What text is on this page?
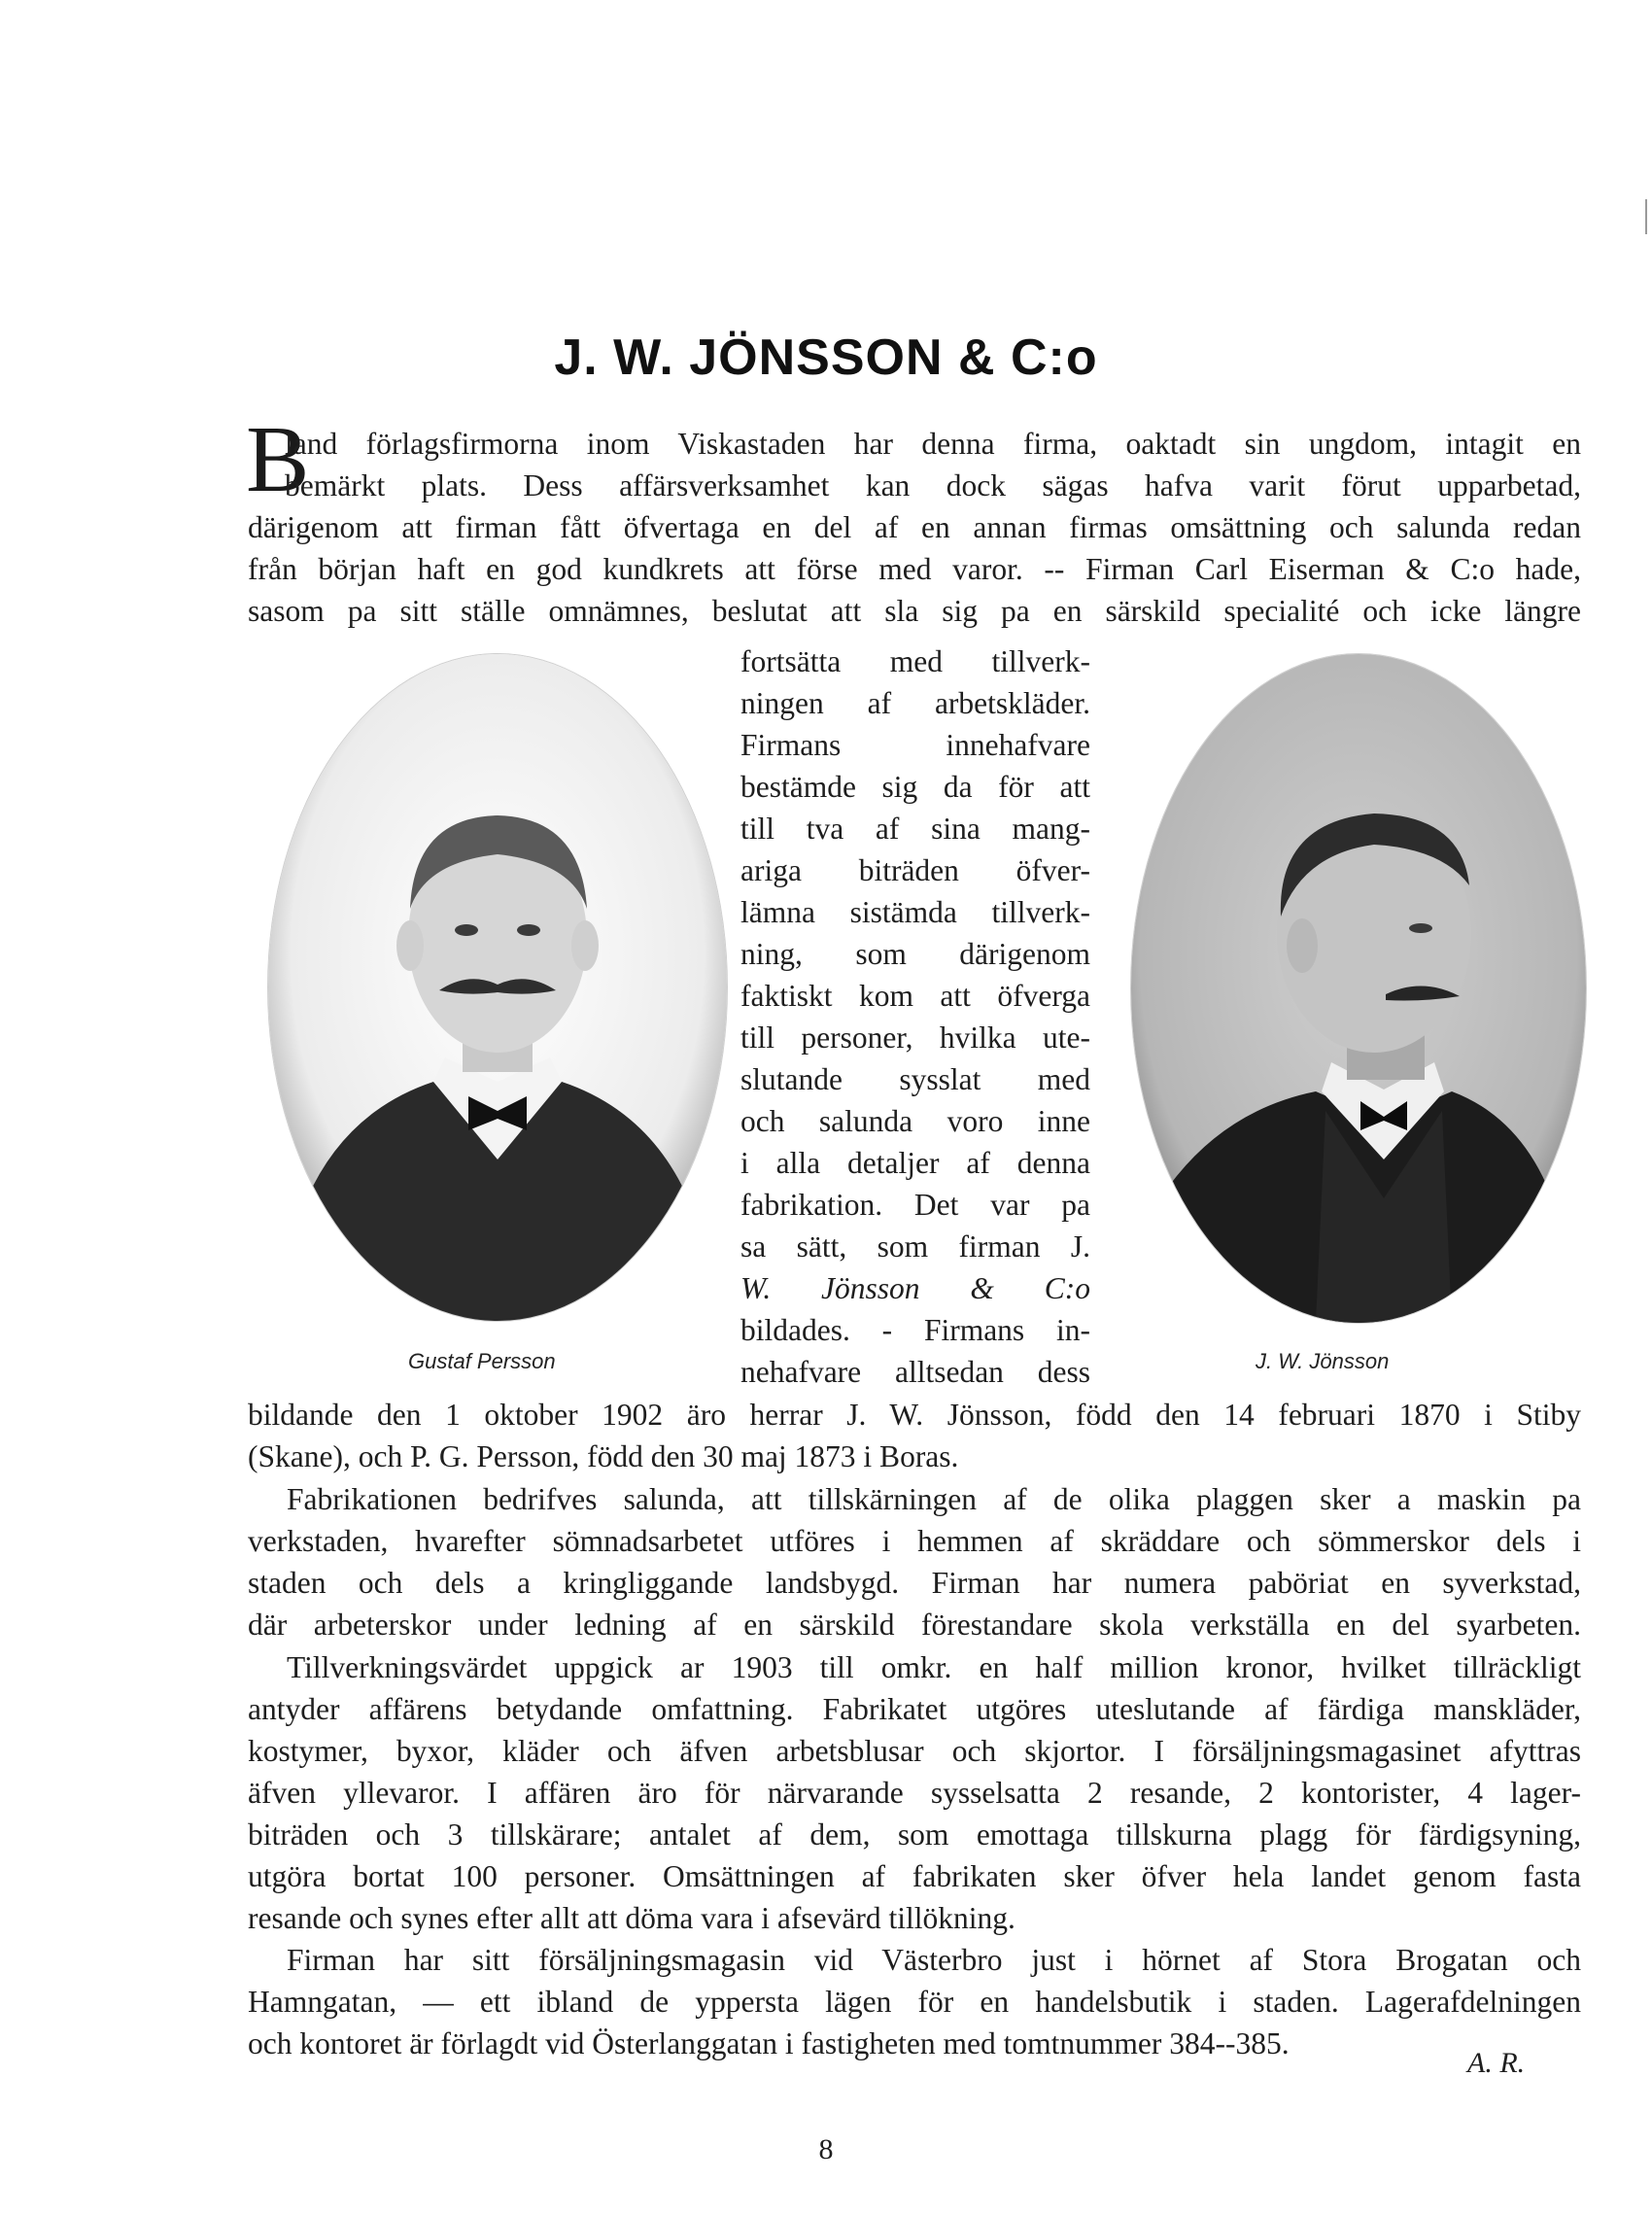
J. W. JÖNSSON & C:o
B
land förlagsfirmorna inom Viskastaden har denna firma, oaktadt sin ungdom, intagit en
bemärkt plats. Dess affärsverksamhet kan dock sägas hafva varit förut upparbetad,
därigenom att firman fått öfvertaga en del af en annan firmas omsättning och salunda redan
från början haft en god kundkrets att förse med varor. -- Firman Carl Eiserman & C:o hade,
sasom pa sitt ställe omnämnes, beslutat att sla sig pa en särskild specialité och icke längre
Gustaf Persson	J. W. Jönsson
fortsätta med tillverk-
ningen af arbetskläder.
Firmans innehafvare
bestämde sig da för att
till tva af sina mang-
ariga biträden öfver-
lämna sistämda tillverk-
ning, som därigenom
faktiskt kom att öfverga
till personer, hvilka ute-
slutande sysslat med
och salunda voro inne
i alla detaljer af denna
fabrikation. Det var pa
sa sätt, som firman J.
W. Jönsson & C:o
bildades. - Firmans in-
nehafvare alltsedan dess
bildande den 1 oktober 1902 äro herrar J. W. Jönsson, född den 14 februari 1870 i Stiby
(Skane), och P. G. Persson, född den 30 maj 1873 i Boras.
Fabrikationen bedrifves salunda, att tillskärningen af de olika plaggen sker a maskin pa
verkstaden, hvarefter sömnadsarbetet utföres i hemmen af skräddare och sömmerskor dels i
staden och dels a kringliggande landsbygd. Firman har numera paböriat en syverkstad,
där arbeterskor under ledning af en särskild förestandare skola verkställa en del syarbeten.
Tillverkningsvärdet uppgick ar 1903 till omkr. en half million kronor, hvilket tillräckligt
antyder affärens betydande omfattning. Fabrikatet utgöres uteslutande af färdiga manskläder,
kostymer, byxor, kläder och äfven arbetsblusar och skjortor. I försäljningsmagasinet afyttras
äfven yllevaror. I affären äro för närvarande sysselsatta 2 resande, 2 kontorister, 4 lager-
biträden och 3 tillskärare; antalet af dem, som emottaga tillskurna plagg för färdigsyning,
utgöra bortat 100 personer. Omsättningen af fabrikaten sker öfver hela landet genom fasta
resande och synes efter allt att döma vara i afsevärd tillökning.
Firman har sitt försäljningsmagasin vid Västerbro just i hörnet af Stora Brogatan och
Hamngatan, — ett ibland de yppersta lägen för en handelsbutik i staden. Lagerafdelningen
och kontoret är förlagdt vid Österlanggatan i fastigheten med tomtnummer 384--385.
A. R.
8
